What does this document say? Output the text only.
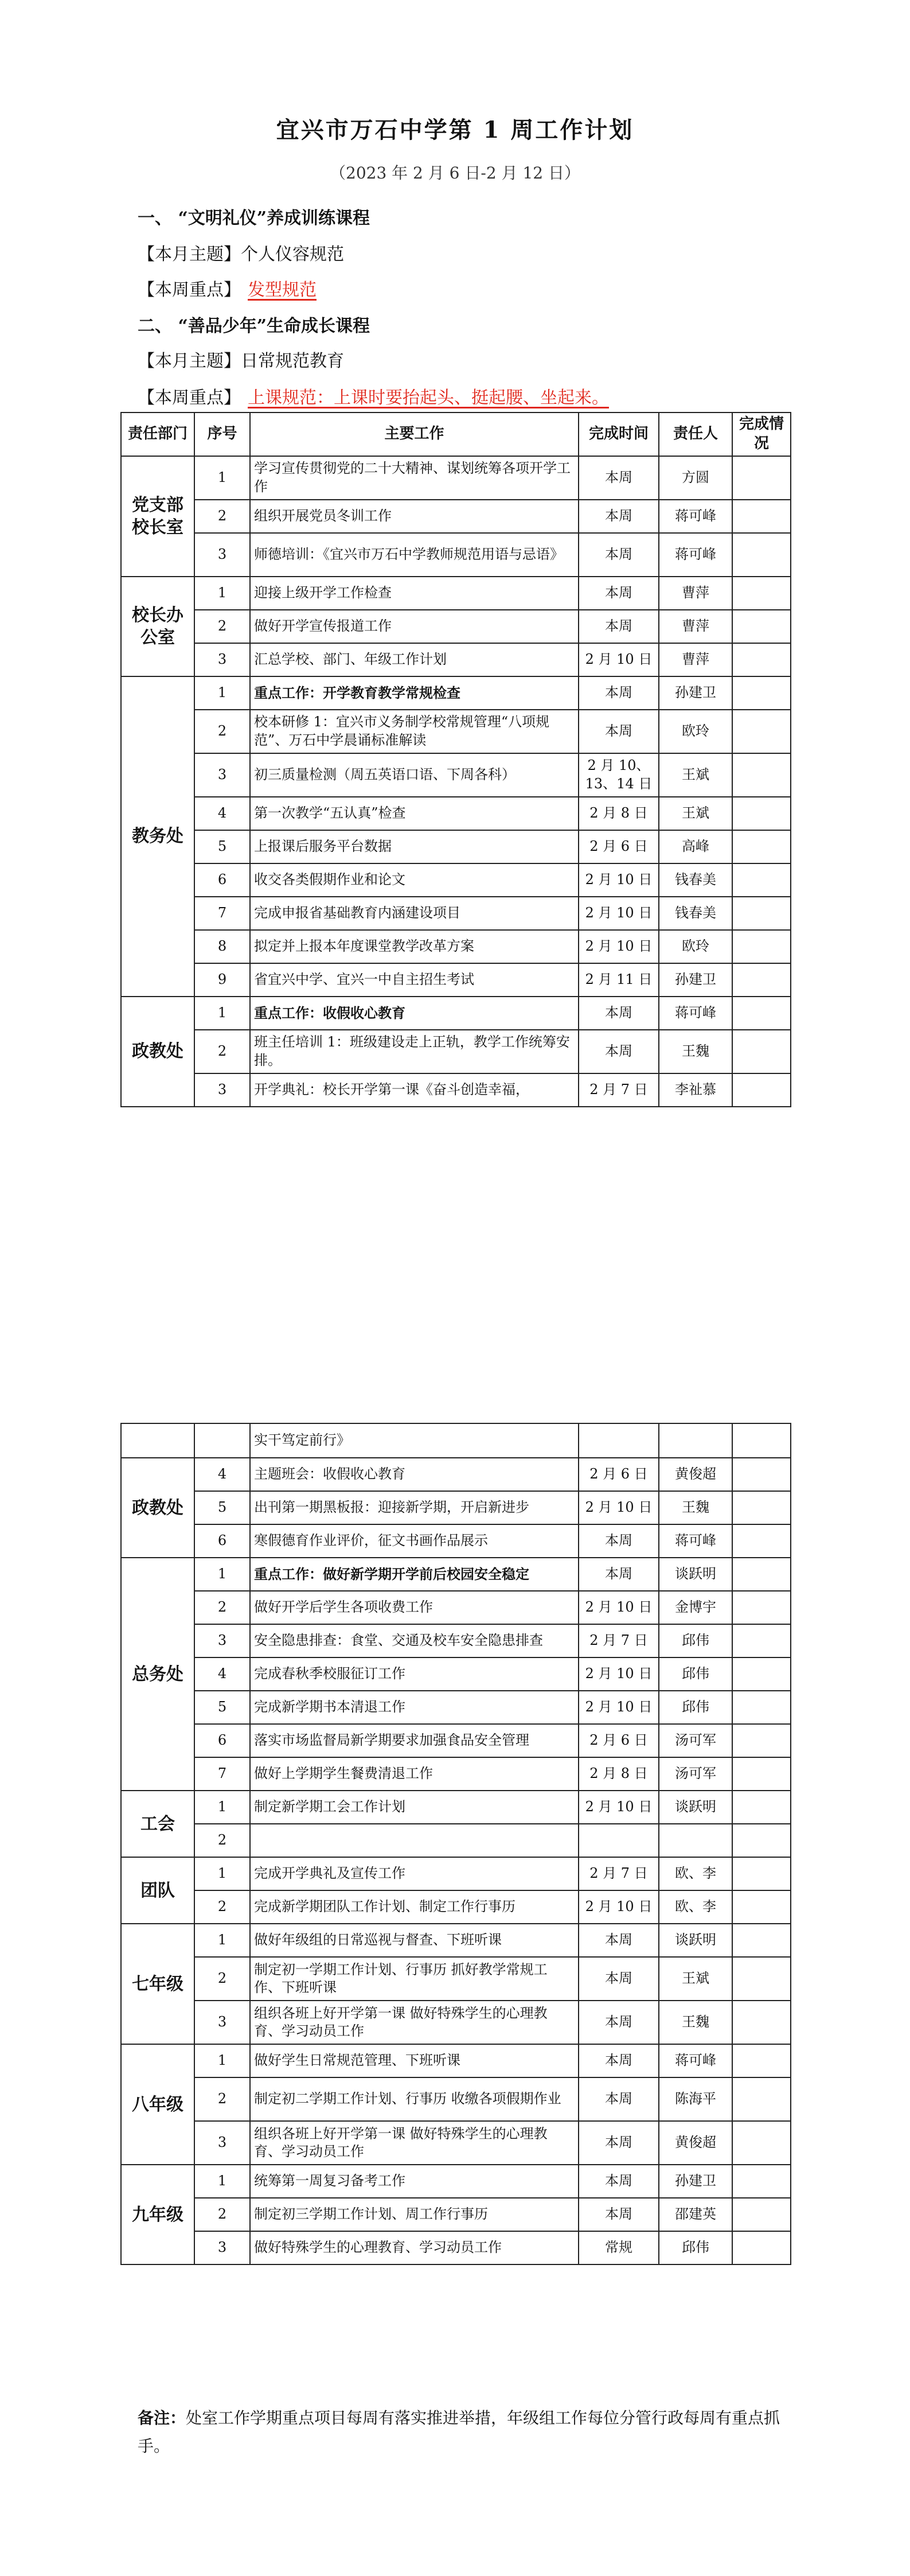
宜兴市万石中学第 1 周工作计划
（2023 年 2 月 6 日-2 月 12 日）
一、 “文明礼仪”养成训练课程
【本月主题】个人仪容规范
【本周重点】 发型规范
二、 “善品少年”生命成长课程
【本月主题】日常规范教育
【本周重点】 上课规范：上课时要抬起头、挺起腰、坐起来。
责任部门	序号	主要工作	完成时间	责任人	完成情况
党支部校长室	1	学习宣传贯彻党的二十大精神、谋划统筹各项开学工作	本周	方圆	
	2	组织开展党员冬训工作	本周	蒋可峰	
	3	师德培训：《宜兴市万石中学教师规范用语与忌语》	本周	蒋可峰	
校长办公室	1	迎接上级开学工作检查	本周	曹萍	
	2	做好开学宣传报道工作	本周	曹萍	
	3	汇总学校、部门、年级工作计划	2 月 10 日	曹萍	
教务处	1	重点工作：开学教育教学常规检查	本周	孙建卫	
	2	校本研修 1：宜兴市义务制学校常规管理“八项规范”、万石中学晨诵标准解读	本周	欧玲	
	3	初三质量检测（周五英语口语、下周各科）	2 月 10、13、14 日	王斌	
	4	第一次教学“五认真”检查	2 月 8 日	王斌	
	5	上报课后服务平台数据	2 月 6 日	高峰	
	6	收交各类假期作业和论文	2 月 10 日	钱春美	
	7	完成申报省基础教育内涵建设项目	2 月 10 日	钱春美	
	8	拟定并上报本年度课堂教学改革方案	2 月 10 日	欧玲	
	9	省宜兴中学、宜兴一中自主招生考试	2 月 11 日	孙建卫	
政教处	1	重点工作：收假收心教育	本周	蒋可峰	
	2	班主任培训 1：班级建设走上正轨，教学工作统筹安排。	本周	王魏	
	3	开学典礼：校长开学第一课《奋斗创造幸福，	2 月 7 日	李祉慕	
		实干笃定前行》			
政教处	4	主题班会：收假收心教育	2 月 6 日	黄俊超	
	5	出刊第一期黑板报：迎接新学期，开启新进步	2 月 10 日	王魏	
	6	寒假德育作业评价，征文书画作品展示	本周	蒋可峰	
总务处	1	重点工作：做好新学期开学前后校园安全稳定	本周	谈跃明	
	2	做好开学后学生各项收费工作	2 月 10 日	金博宇	
	3	安全隐患排查：食堂、交通及校车安全隐患排查	2 月 7 日	邱伟	
	4	完成春秋季校服征订工作	2 月 10 日	邱伟	
	5	完成新学期书本清退工作	2 月 10 日	邱伟	
	6	落实市场监督局新学期要求加强食品安全管理	2 月 6 日	汤可军	
	7	做好上学期学生餐费清退工作	2 月 8 日	汤可军	
工会	1	制定新学期工会工作计划	2 月 10 日	谈跃明	
	2				
团队	1	完成开学典礼及宣传工作	2 月 7 日	欧、李	
	2	完成新学期团队工作计划、制定工作行事历	2 月 10 日	欧、李	
七年级	1	做好年级组的日常巡视与督查、下班听课	本周	谈跃明	
	2	制定初一学期工作计划、行事历 抓好教学常规工作、下班听课	本周	王斌	
	3	组织各班上好开学第一课 做好特殊学生的心理教育、学习动员工作	本周	王魏	
八年级	1	做好学生日常规范管理、下班听课	本周	蒋可峰	
	2	制定初二学期工作计划、行事历 收缴各项假期作业	本周	陈海平	
	3	组织各班上好开学第一课 做好特殊学生的心理教育、学习动员工作	本周	黄俊超	
九年级	1	统筹第一周复习备考工作	本周	孙建卫	
	2	制定初三学期工作计划、周工作行事历	本周	邵建英	
	3	做好特殊学生的心理教育、学习动员工作	常规	邱伟	
备注：处室工作学期重点项目每周有落实推进举措，年级组工作每位分管行政每周有重点抓手。
